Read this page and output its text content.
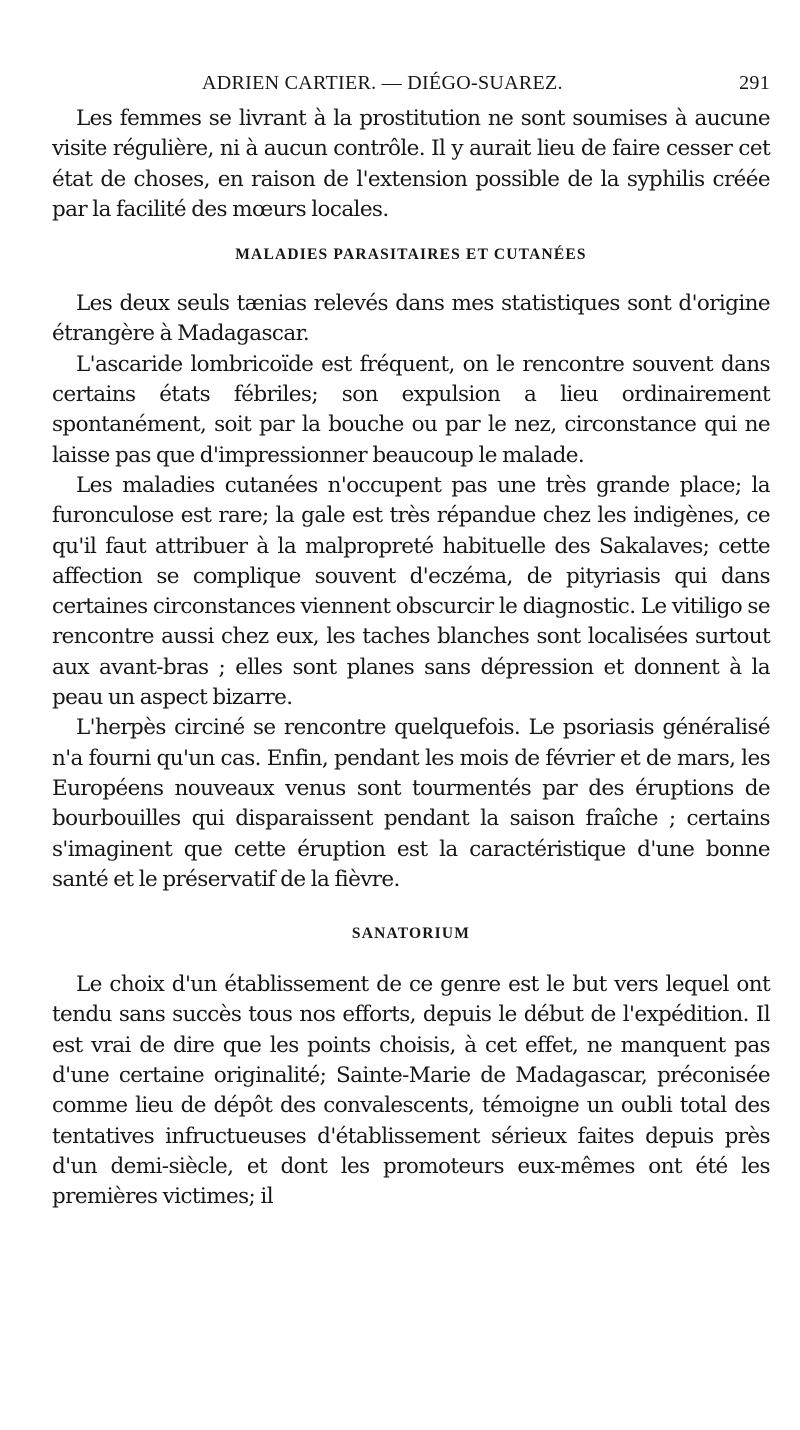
ADRIEN CARTIER. — DIÉGO-SUAREZ.	291

Les femmes se livrant à la prostitution ne sont soumises à aucune visite régulière, ni à aucun contrôle. Il y aurait lieu de faire cesser cet état de choses, en raison de l'extension possible de la syphilis créée par la facilité des mœurs locales.

MALADIES PARASITAIRES ET CUTANÉES

Les deux seuls tænias relevés dans mes statistiques sont d'origine étrangère à Madagascar.

L'ascaride lombricoïde est fréquent, on le rencontre souvent dans certains états fébriles; son expulsion a lieu ordinairement spontanément, soit par la bouche ou par le nez, circonstance qui ne laisse pas que d'impressionner beaucoup le malade.

Les maladies cutanées n'occupent pas une très grande place; la furonculose est rare; la gale est très répandue chez les indigènes, ce qu'il faut attribuer à la malpropreté habituelle des Sakalaves; cette affection se complique souvent d'eczéma, de pityriasis qui dans certaines circonstances viennent obscurcir le diagnostic. Le vitiligo se rencontre aussi chez eux, les taches blanches sont localisées surtout aux avant-bras ; elles sont planes sans dépression et donnent à la peau un aspect bizarre.

L'herpès circiné se rencontre quelquefois. Le psoriasis généralisé n'a fourni qu'un cas. Enfin, pendant les mois de février et de mars, les Européens nouveaux venus sont tourmentés par des éruptions de bourbouilles qui disparaissent pendant la saison fraîche ; certains s'imaginent que cette éruption est la caractéristique d'une bonne santé et le préservatif de la fièvre.

SANATORIUM

Le choix d'un établissement de ce genre est le but vers lequel ont tendu sans succès tous nos efforts, depuis le début de l'expédition. Il est vrai de dire que les points choisis, à cet effet, ne manquent pas d'une certaine originalité; Sainte-Marie de Madagascar, préconisée comme lieu de dépôt des convalescents, témoigne un oubli total des tentatives infructueuses d'établissement sérieux faites depuis près d'un demi-siècle, et dont les promoteurs eux-mêmes ont été les premières victimes; il
